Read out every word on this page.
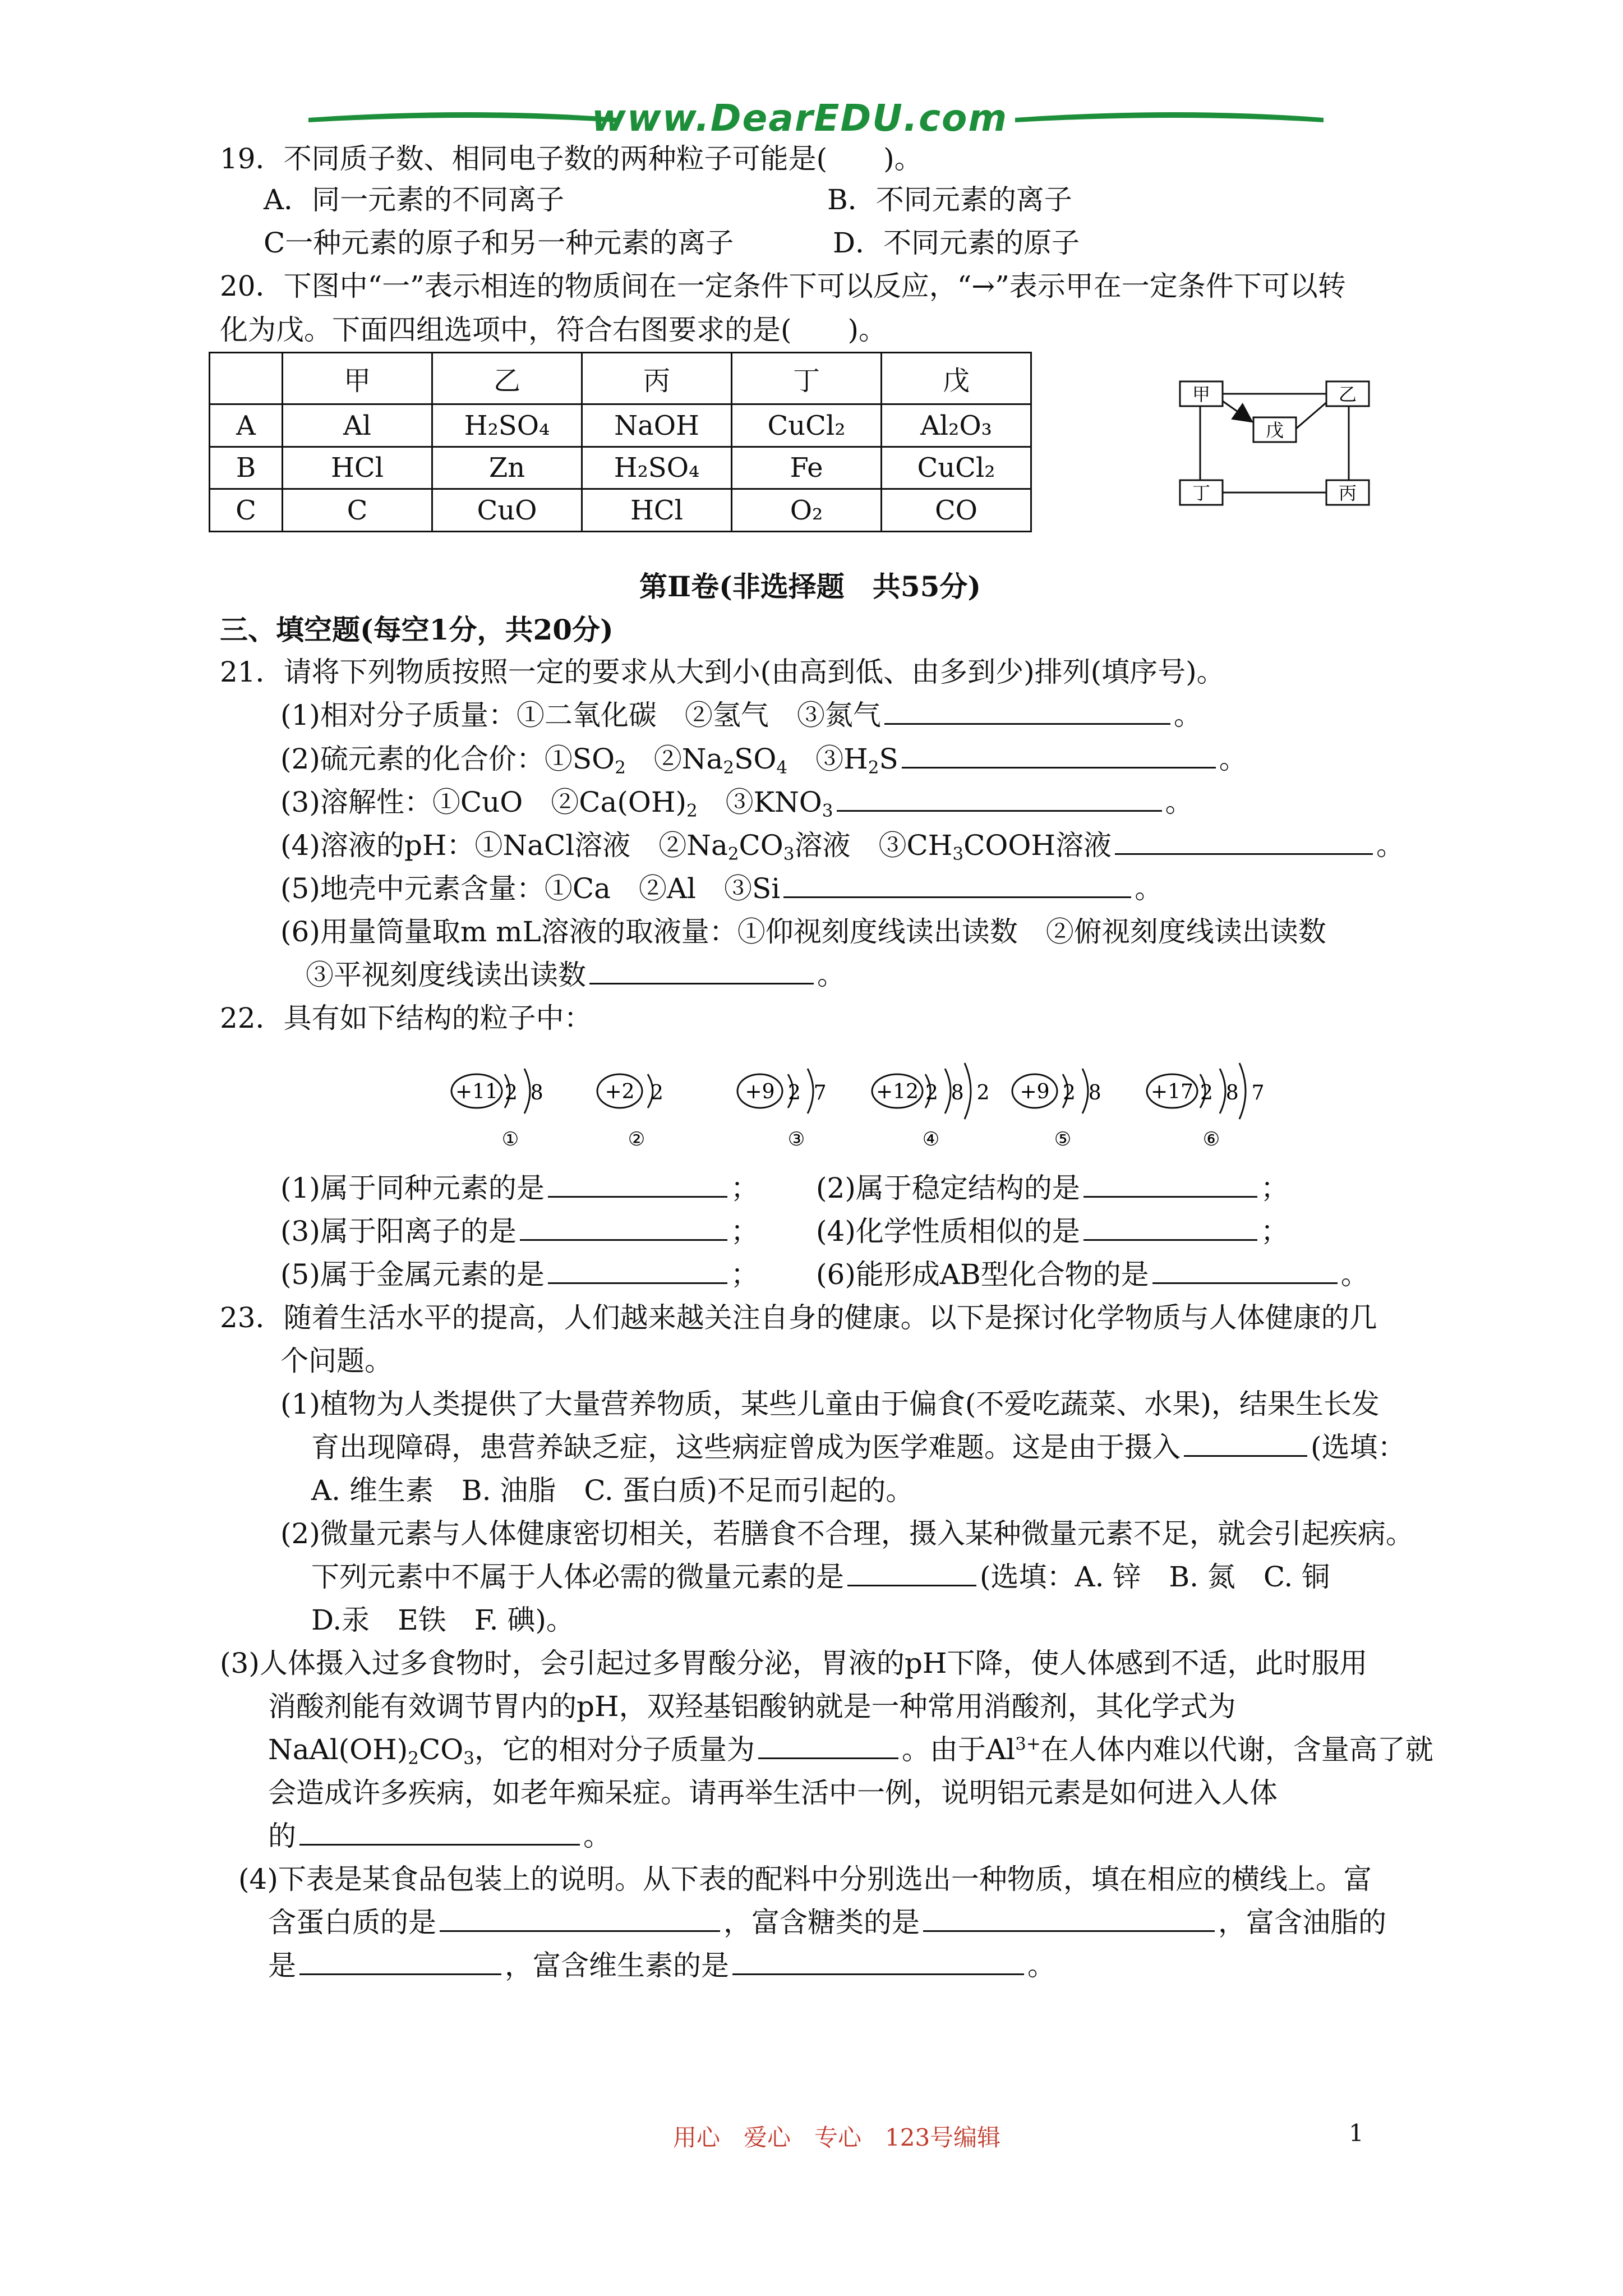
www.DearEDU.com
19．不同质子数、相同电子数的两种粒子可能是(　　)。
A．同一元素的不同离子	B．不同元素的离子
C一种元素的原子和另一种元素的离子	D．不同元素的原子
20．下图中“一”表示相连的物质间在一定条件下可以反应，“→”表示甲在一定条件下可以转
化为戊。下面四组选项中，符合右图要求的是(　　)。
	甲	乙	丙	丁	戊
A	Al	H₂SO₄	NaOH	CuCl₂	Al₂O₃
B	HCl	Zn	H₂SO₄	Fe	CuCl₂
C	C	CuO	HCl	O₂	CO
甲	乙
戊
丁	丙
第Ⅱ卷(非选择题　共55分)
三、填空题(每空1分，共20分)
21．请将下列物质按照一定的要求从大到小(由高到低、由多到少)排列(填序号)。
(1)相对分子质量：①二氧化碳　②氢气　③氮气	。
(2)硫元素的化合价：$①SO_2$　$②Na_2SO_4$　$③H_2S$	。
(3)溶解性：①CuO　$②Ca(OH)_2$　$③KNO_3$	。
(4)溶液的pH：①NaCl溶液　$②Na_2CO_3$溶液　$③CH_3COOH$溶液	。
(5)地壳中元素含量：①Ca　②Al　③Si	。
(6)用量筒量取m mL溶液的取液量：①仰视刻度线读出读数　②俯视刻度线读出读数
③平视刻度线读出读数	。
22．具有如下结构的粒子中：
+11 2  8
①
+2 2
②
+9 2  7
③
+12 2  8  2
④
+9 2  8
⑤
+17 2  8  7
⑥
(1)属于同种元素的是	； (2)属于稳定结构的是	；
(3)属于阳离子的是	； (4)化学性质相似的是	；
(5)属于金属元素的是	； (6)能形成AB型化合物的是	。
23．随着生活水平的提高，人们越来越关注自身的健康。以下是探讨化学物质与人体健康的几
个问题。
(1)植物为人类提供了大量营养物质，某些儿童由于偏食(不爱吃蔬菜、水果)，结果生长发
育出现障碍，患营养缺乏症，这些病症曾成为医学难题。这是由于摄入	(选填：
A. 维生素　B. 油脂　C. 蛋白质)不足而引起的。
(2)微量元素与人体健康密切相关，若膳食不合理，摄入某种微量元素不足，就会引起疾病。
下列元素中不属于人体必需的微量元素的是	(选填：A. 锌　B. 氮　C. 铜
D.汞　E铁　F. 碘)。
(3)人体摄入过多食物时，会引起过多胃酸分泌，胃液的pH下降，使人体感到不适，此时服用
消酸剂能有效调节胃内的pH，双羟基铝酸钠就是一种常用消酸剂，其化学式为
$NaAl(OH)_2CO_3$，它的相对分子质量为	。由于$Al^{3+}$在人体内难以代谢，含量高了就
会造成许多疾病，如老年痴呆症。请再举生活中一例，说明铝元素是如何进入人体
的	。
(4)下表是某食品包装上的说明。从下表的配料中分别选出一种物质，填在相应的横线上。富
含蛋白质的是	，富含糖类的是	，富含油脂的
是	，富含维生素的是	。
用心　爱心　专心　123号编辑	1
